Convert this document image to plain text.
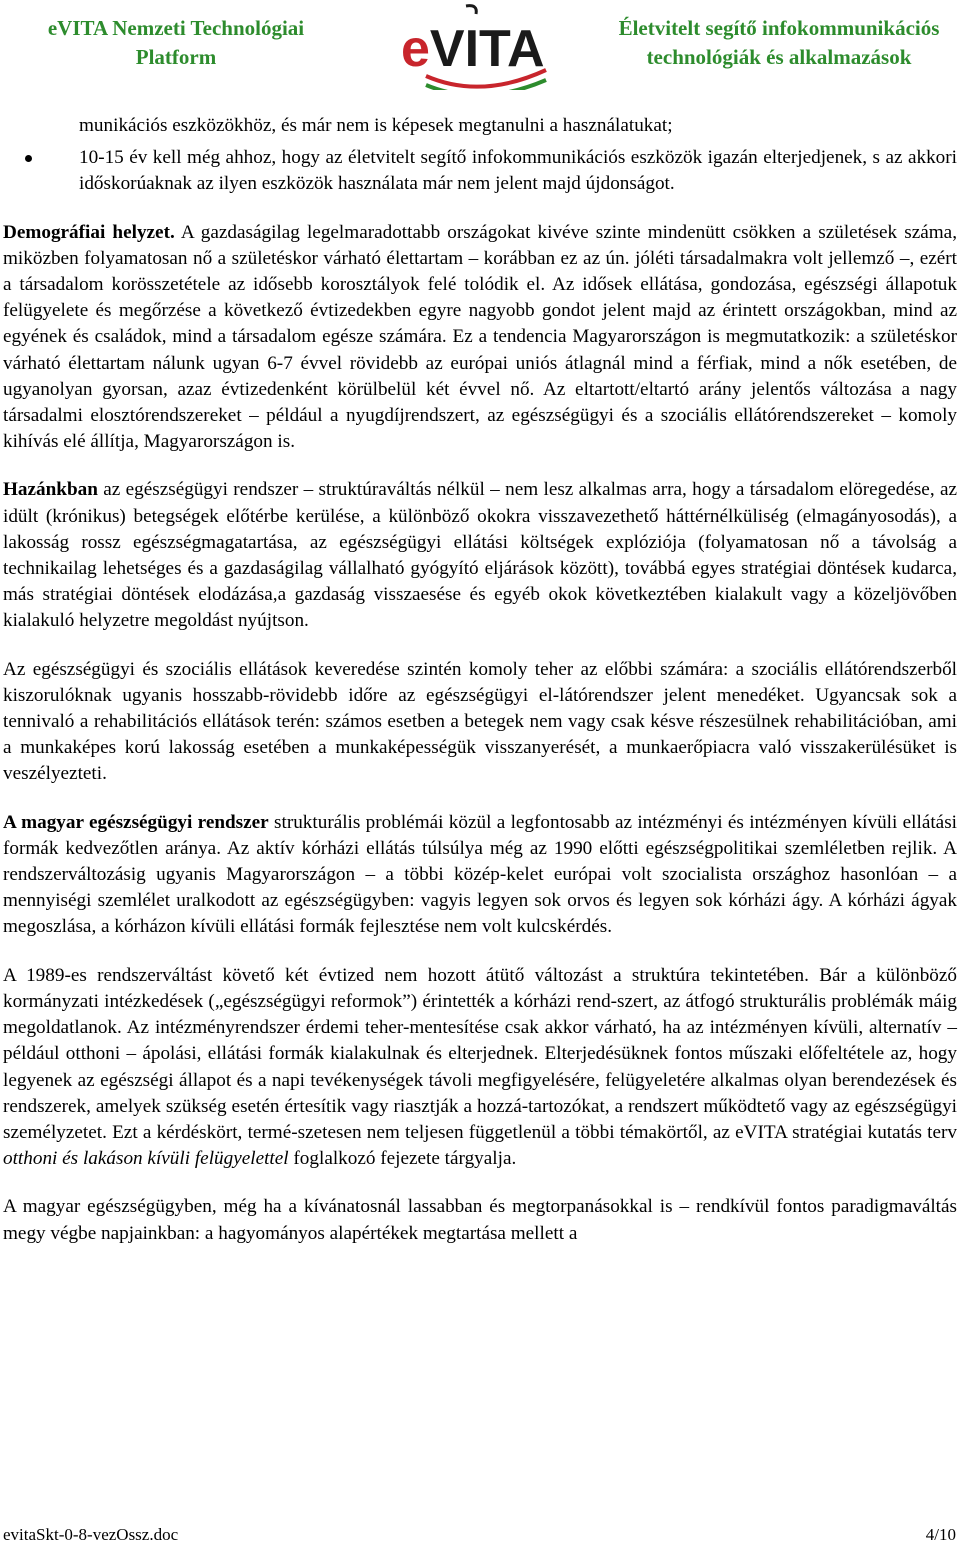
eVITA Nemzeti Technológiai
Platform	eVITA	Életvitelt segítő infokommunikációs
technológiák és alkalmazások
munikációs eszközökhöz, és már nem is képesek megtanulni a használatukat;
10-15 év kell még ahhoz, hogy az életvitelt segítő infokommunikációs eszközök igazán elterjedjenek, s az akkori időskorúaknak az ilyen eszközök használata már nem jelent majd újdonságot.

Demográfiai helyzet. A gazdaságilag legelmaradottabb országokat kivéve szinte mindenütt csökken a születések száma, miközben folyamatosan nő a születéskor várható élettartam – korábban ez az ún. jóléti társadalmakra volt jellemző –, ezért a társadalom korösszetétele az idősebb korosztályok felé tolódik el. Az idősek ellátása, gondozása, egészségi állapotuk felügyelete és megőrzése a következő évtizedekben egyre nagyobb gondot jelent majd az érintett országokban, mind az egyének és családok, mind a társadalom egésze számára. Ez a tendencia Magyarországon is megmutatkozik: a születéskor várható élettartam nálunk ugyan 6-7 évvel rövidebb az európai uniós átlagnál mind a férfiak, mind a nők esetében, de ugyanolyan gyorsan, azaz évtizedenként körülbelül két évvel nő. Az eltartott/eltartó arány jelentős változása a nagy társadalmi elosztórendszereket – például a nyugdíjrendszert, az egészségügyi és a szociális ellátórendszereket – komoly kihívás elé állítja, Magyarországon is.

Hazánkban az egészségügyi rendszer – struktúraváltás nélkül – nem lesz alkalmas arra, hogy a társadalom elöregedése, az idült (krónikus) betegségek előtérbe kerülése, a különböző okokra visszavezethető háttérnélküliség (elmagányosodás), a lakosság rossz egészségmagatartása, az egészségügyi ellátási költségek explóziója (folyamatosan nő a távolság a technikailag lehetséges és a gazdaságilag vállalható gyógyító eljárások között), továbbá egyes stratégiai döntések kudarca, más stratégiai döntések elodázása,a gazdaság visszaesése és egyéb okok következtében kialakult vagy a közeljövőben kialakuló helyzetre megoldást nyújtson.

Az egészségügyi és szociális ellátások keveredése szintén komoly teher az előbbi számára: a szociális ellátórendszerből kiszorulóknak ugyanis hosszabb-rövidebb időre az egészségügyi el-látórendszer jelent menedéket. Ugyancsak sok a tennivaló a rehabilitációs ellátások terén: számos esetben a betegek nem vagy csak késve részesülnek rehabilitációban, ami a munkaképes korú lakosság esetében a munkaképességük visszanyerését, a munkaerőpiacra való visszakerülésüket is veszélyezteti.

A magyar egészségügyi rendszer strukturális problémái közül a legfontosabb az intézményi és intézményen kívüli ellátási formák kedvezőtlen aránya. Az aktív kórházi ellátás túlsúlya még az 1990 előtti egészségpolitikai szemléletben rejlik. A rendszerváltozásig ugyanis Magyarországon – a többi közép-kelet európai volt szocialista országhoz hasonlóan – a mennyiségi szemlélet uralkodott az egészségügyben: vagyis legyen sok orvos és legyen sok kórházi ágy. A kórházi ágyak megoszlása, a kórházon kívüli ellátási formák fejlesztése nem volt kulcskérdés.

A 1989-es rendszerváltást követő két évtized nem hozott átütő változást a struktúra tekintetében. Bár a különböző kormányzati intézkedések („egészségügyi reformok”) érintették a kórházi rend-szert, az átfogó strukturális problémák máig megoldatlanok. Az intézményrendszer érdemi teher-mentesítése csak akkor várható, ha az intézményen kívüli, alternatív – például otthoni – ápolási, ellátási formák kialakulnak és elterjednek. Elterjedésüknek fontos műszaki előfeltétele az, hogy legyenek az egészségi állapot és a napi tevékenységek távoli megfigyelésére, felügyeletére alkalmas olyan berendezések és rendszerek, amelyek szükség esetén értesítik vagy riasztják a hozzá-tartozókat, a rendszert működtető vagy az egészségügyi személyzetet. Ezt a kérdéskört, termé-szetesen nem teljesen függetlenül a többi témakörtől, az eVITA stratégiai kutatás terv otthoni és lakáson kívüli felügyelettel foglalkozó fejezete tárgyalja.

A magyar egészségügyben, még ha a kívánatosnál lassabban és megtorpanásokkal is – rendkívül fontos paradigmaváltás megy végbe napjainkban: a hagyományos alapértékek megtartása mellett a

evitaSkt-0-8-vezOssz.doc	4/10
